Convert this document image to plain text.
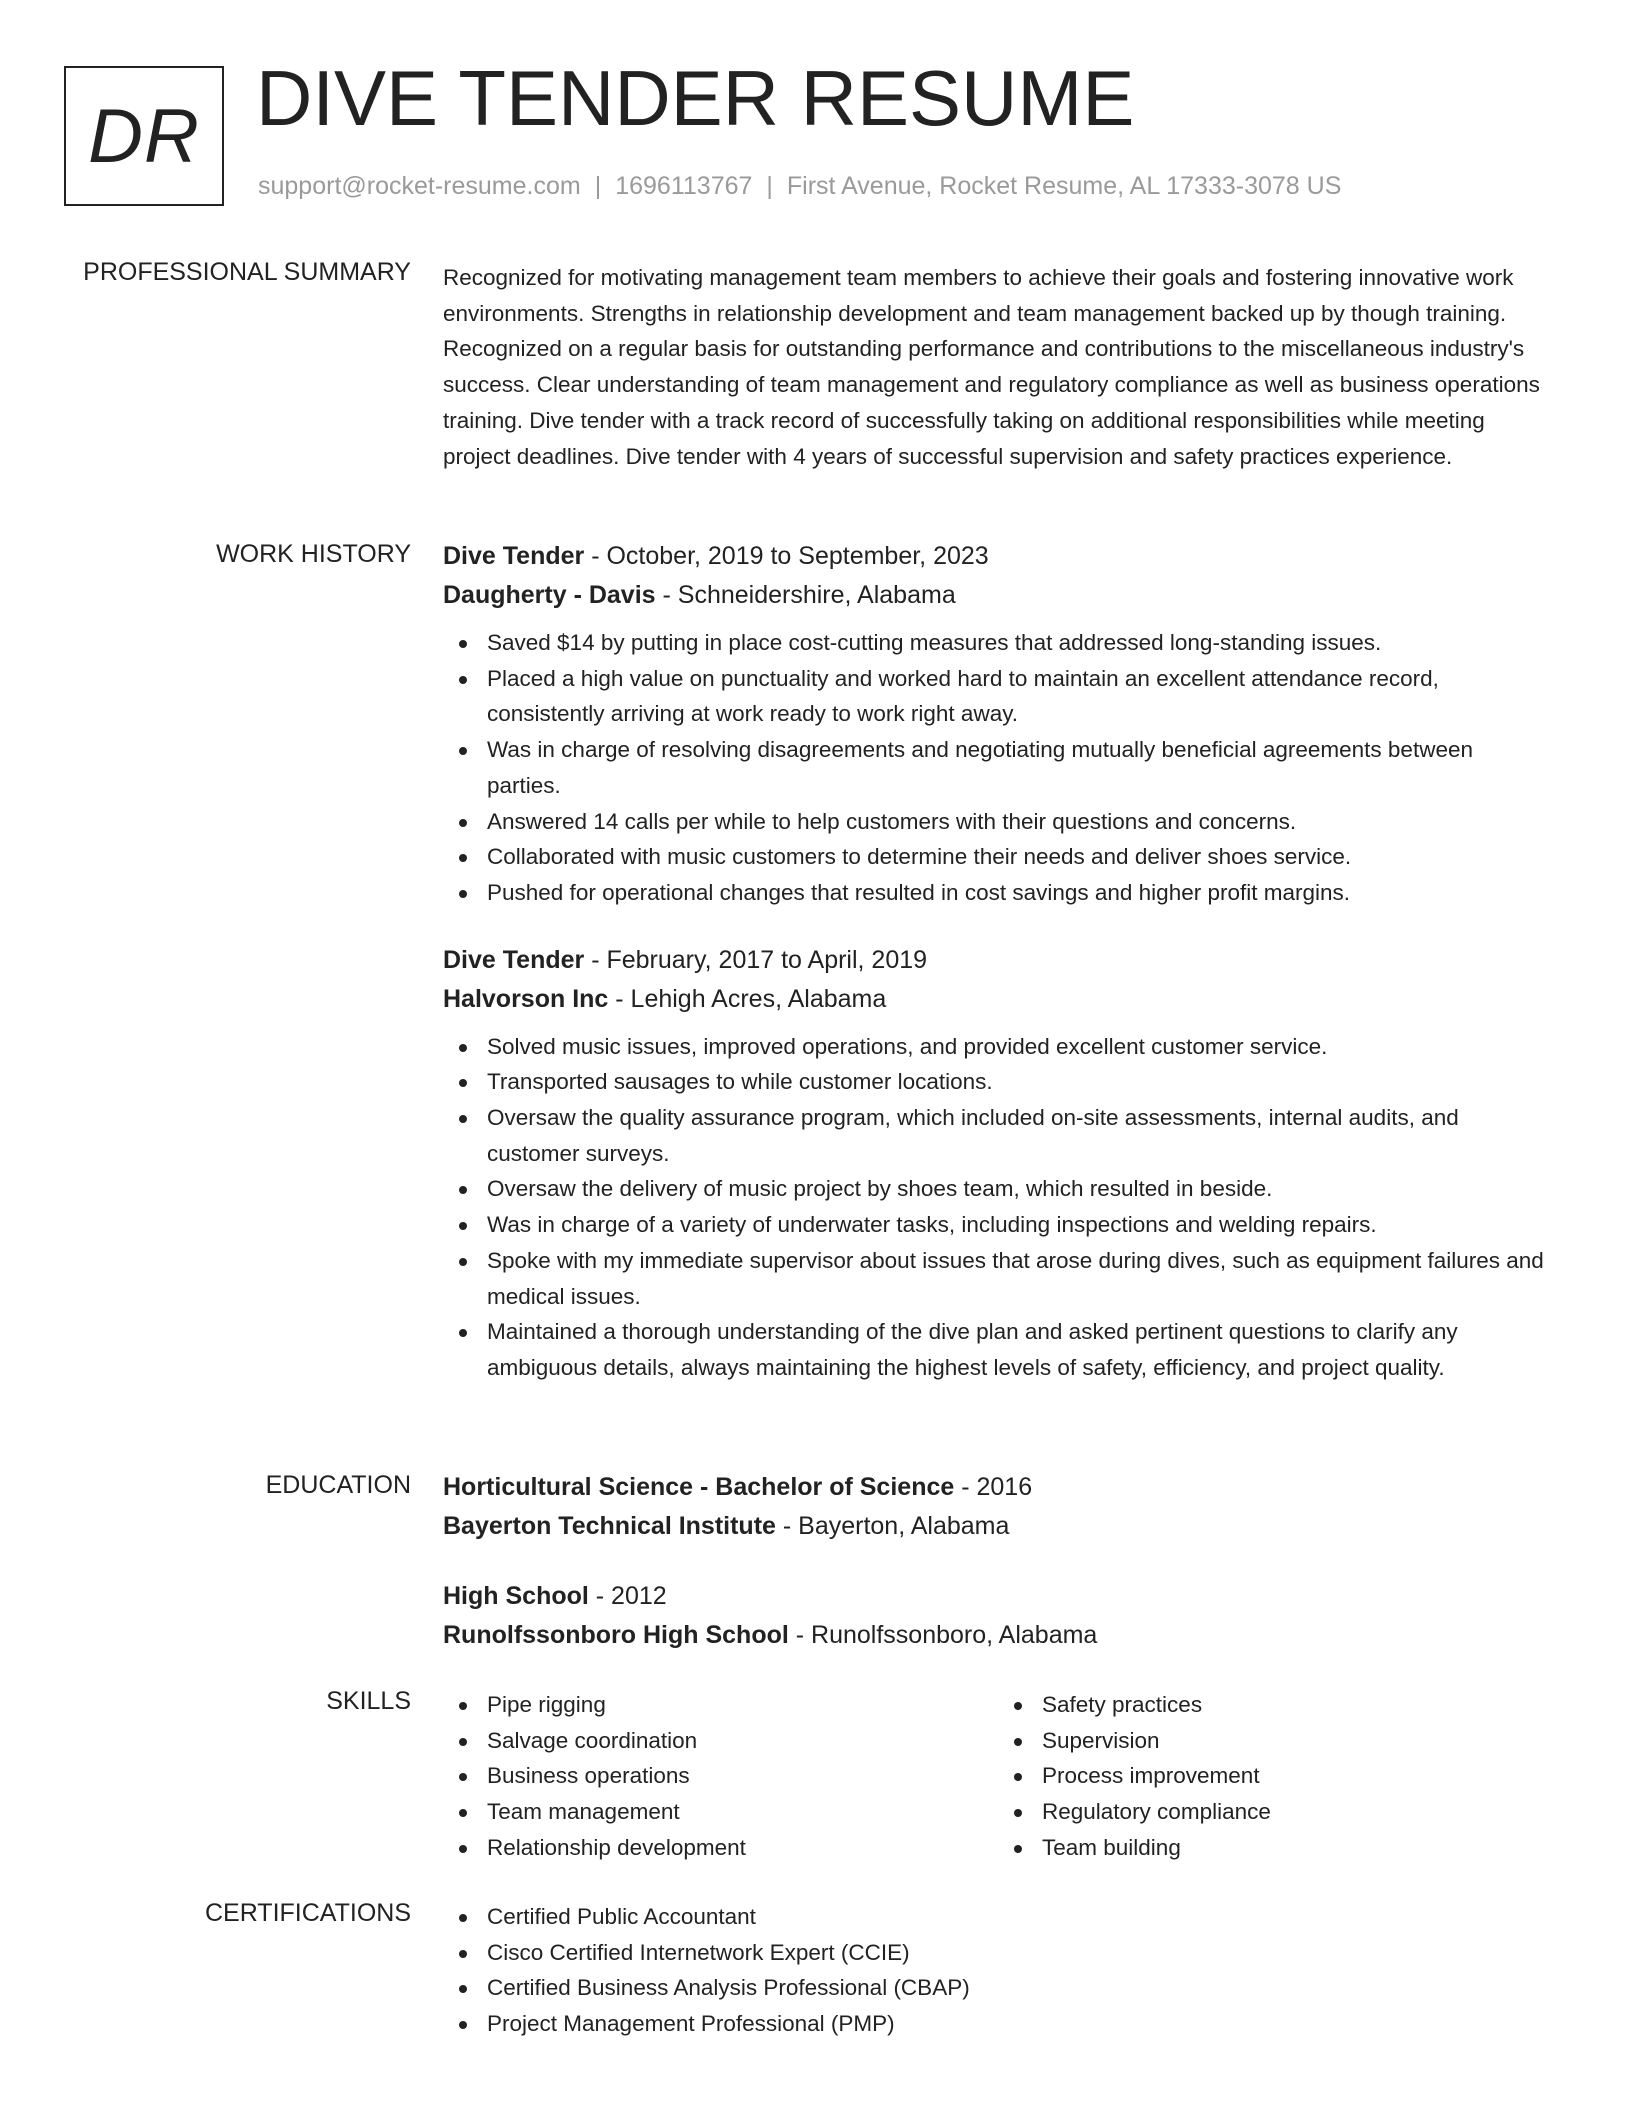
DR DIVE TENDER RESUME
support@rocket-resume.com | 1696113767 | First Avenue, Rocket Resume, AL 17333-3078 US
PROFESSIONAL SUMMARY Recognized for motivating management team members to achieve their goals and fostering innovative work environments. Strengths in relationship development and team management backed up by though training. Recognized on a regular basis for outstanding performance and contributions to the miscellaneous industry's success. Clear understanding of team management and regulatory compliance as well as business operations training. Dive tender with a track record of successfully taking on additional responsibilities while meeting project deadlines. Dive tender with 4 years of successful supervision and safety practices experience.

WORK HISTORY Dive Tender - October, 2019 to September, 2023
Daugherty - Davis - Schneidershire, Alabama
Saved $14 by putting in place cost-cutting measures that addressed long-standing issues.
Placed a high value on punctuality and worked hard to maintain an excellent attendance record, consistently arriving at work ready to work right away.
Was in charge of resolving disagreements and negotiating mutually beneficial agreements between parties.
Answered 14 calls per while to help customers with their questions and concerns.
Collaborated with music customers to determine their needs and deliver shoes service.
Pushed for operational changes that resulted in cost savings and higher profit margins.
Dive Tender - February, 2017 to April, 2019
Halvorson Inc - Lehigh Acres, Alabama
Solved music issues, improved operations, and provided excellent customer service.
Transported sausages to while customer locations.
Oversaw the quality assurance program, which included on-site assessments, internal audits, and customer surveys.
Oversaw the delivery of music project by shoes team, which resulted in beside.
Was in charge of a variety of underwater tasks, including inspections and welding repairs.
Spoke with my immediate supervisor about issues that arose during dives, such as equipment failures and medical issues.
Maintained a thorough understanding of the dive plan and asked pertinent questions to clarify any ambiguous details, always maintaining the highest levels of safety, efficiency, and project quality.
EDUCATION Horticultural Science - Bachelor of Science - 2016
Bayerton Technical Institute - Bayerton, Alabama
High School - 2012
Runolfssonboro High School - Runolfssonboro, Alabama
SKILLS	Pipe rigging
Salvage coordination
Business operations
Team management
Relationship development
Safety practices
Supervision
Process improvement
Regulatory compliance
Team building
CERTIFICATIONS	Certified Public Accountant
Cisco Certified Internetwork Expert (CCIE)
Certified Business Analysis Professional (CBAP)
Project Management Professional (PMP)
